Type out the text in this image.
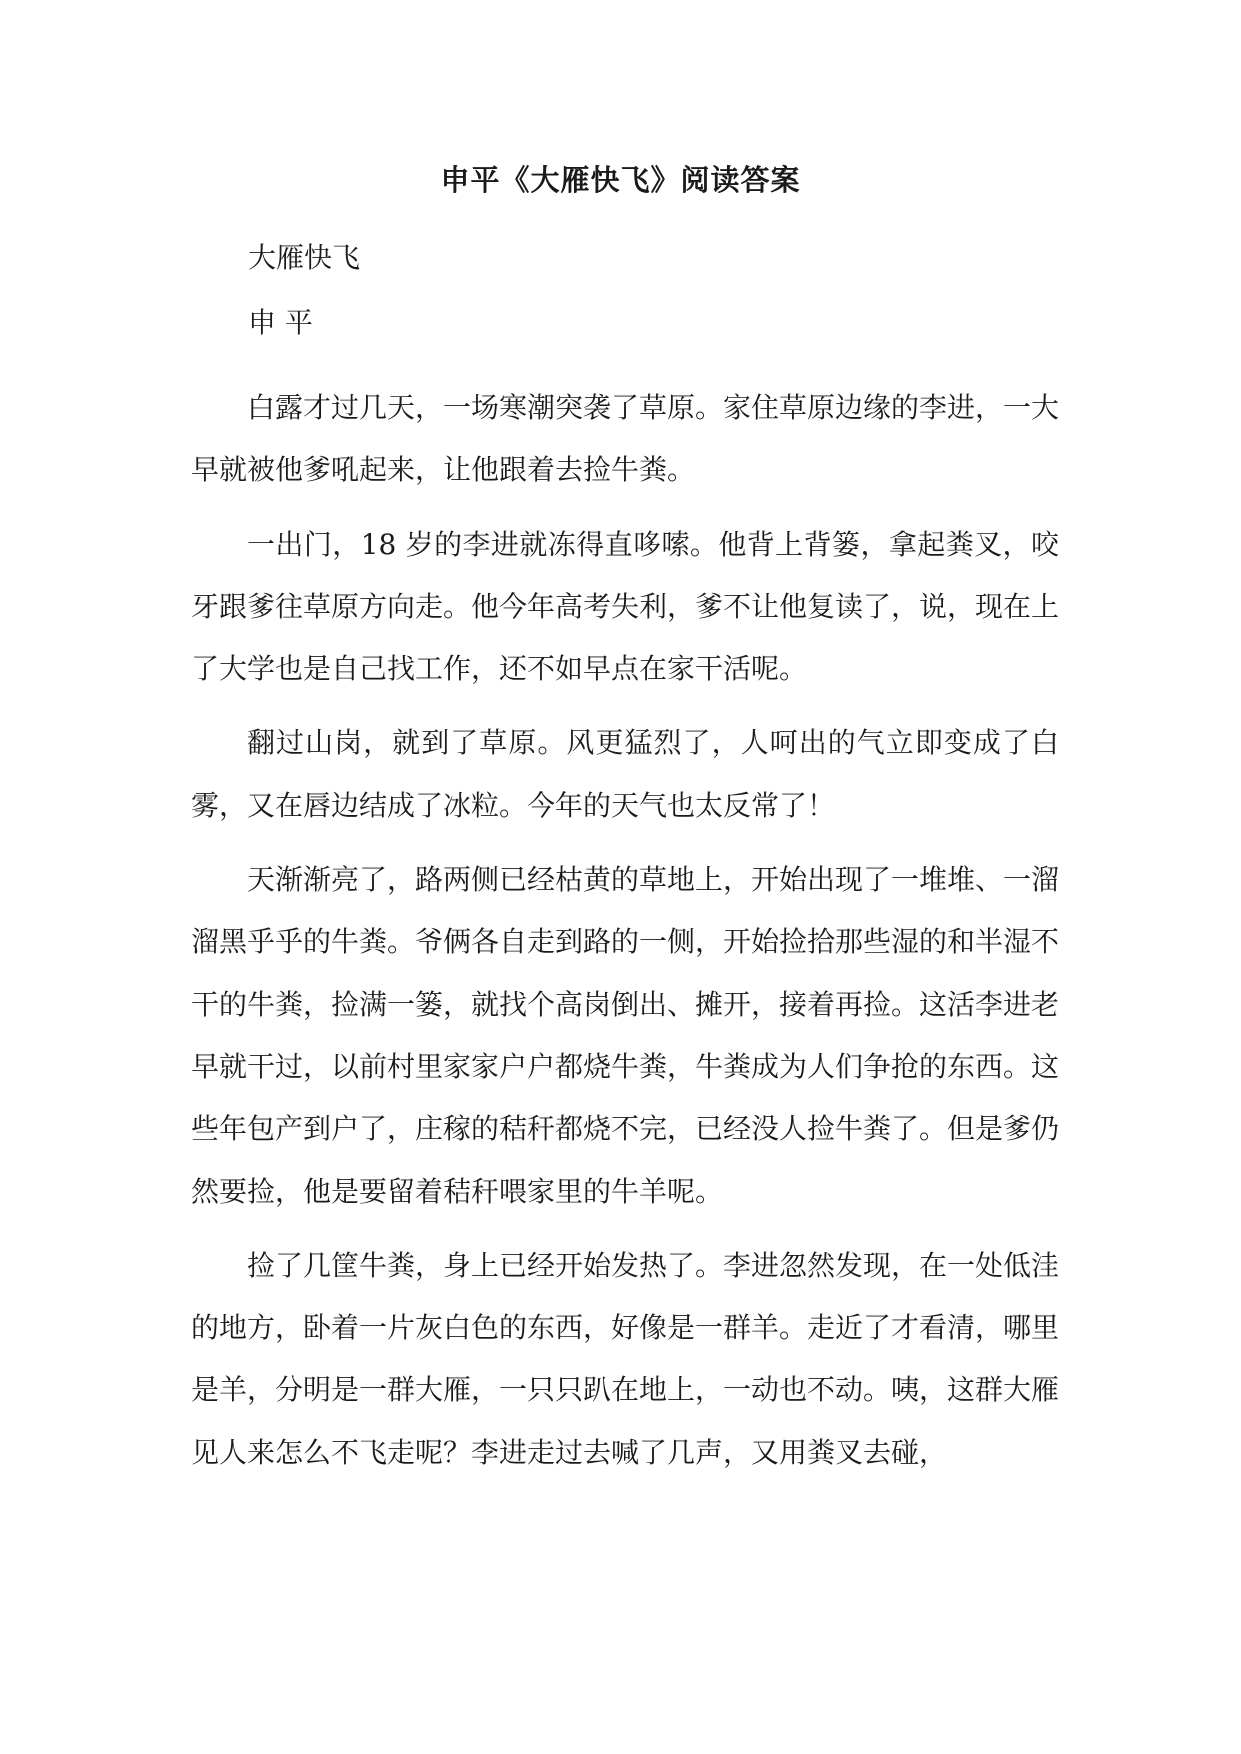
申平《大雁快飞》阅读答案
大雁快飞
申 平

白露才过几天，一场寒潮突袭了草原。家住草原边缘的李进，一大早就被他爹吼起来，让他跟着去捡牛粪。

一出门，18 岁的李进就冻得直哆嗦。他背上背篓，拿起粪叉，咬牙跟爹往草原方向走。他今年高考失利，爹不让他复读了，说，现在上了大学也是自己找工作，还不如早点在家干活呢。

翻过山岗，就到了草原。风更猛烈了，人呵出的气立即变成了白雾，又在唇边结成了冰粒。今年的天气也太反常了！

天渐渐亮了，路两侧已经枯黄的草地上，开始出现了一堆堆、一溜溜黑乎乎的牛粪。爷俩各自走到路的一侧，开始捡拾那些湿的和半湿不干的牛粪，捡满一篓，就找个高岗倒出、摊开，接着再捡。这活李进老早就干过，以前村里家家户户都烧牛粪，牛粪成为人们争抢的东西。这些年包产到户了，庄稼的秸秆都烧不完，已经没人捡牛粪了。但是爹仍然要捡，他是要留着秸秆喂家里的牛羊呢。

捡了几筐牛粪，身上已经开始发热了。李进忽然发现，在一处低洼的地方，卧着一片灰白色的东西，好像是一群羊。走近了才看清，哪里是羊，分明是一群大雁，一只只趴在地上，一动也不动。咦，这群大雁见人来怎么不飞走呢？李进走过去喊了几声，又用粪叉去碰，
